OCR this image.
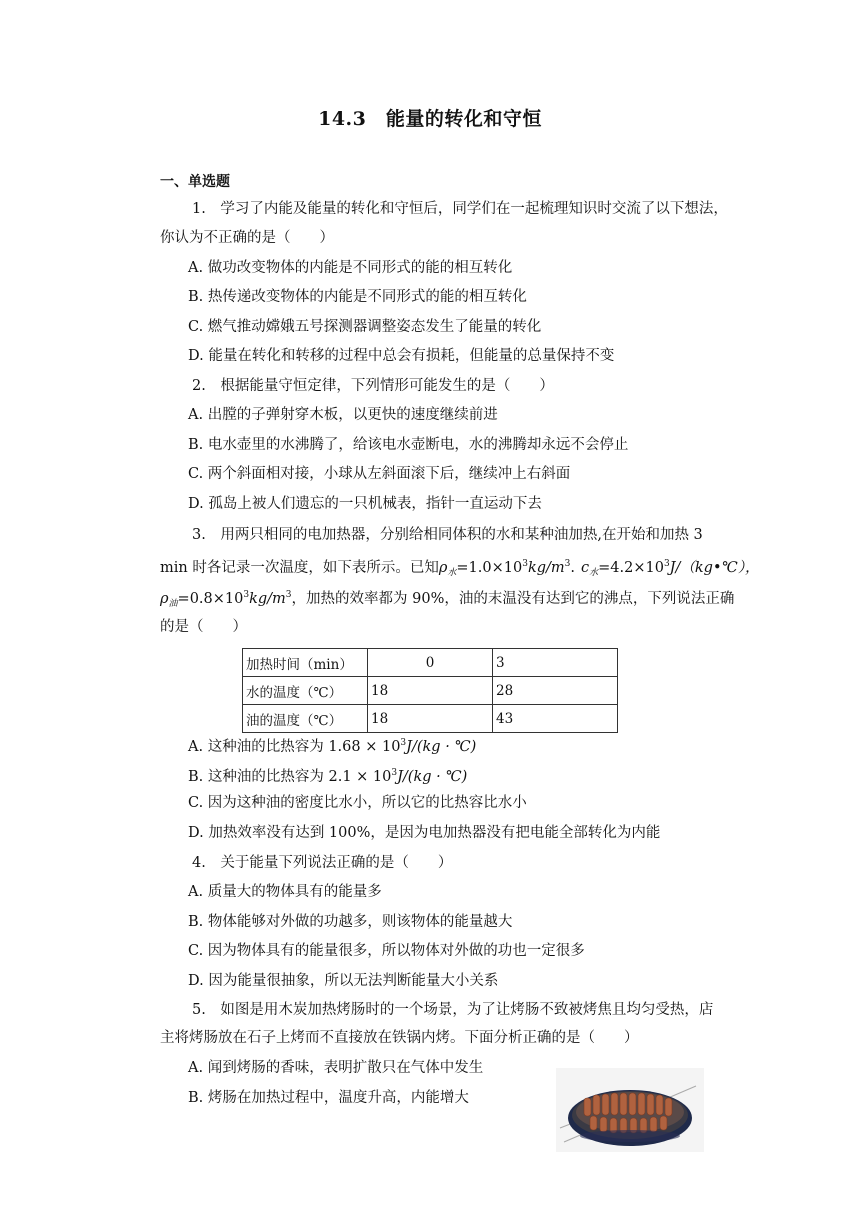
14.3　能量的转化和守恒
一、单选题
1.　学习了内能及能量的转化和守恒后，同学们在一起梳理知识时交流了以下想法，
你认为不正确的是（　　）
A. 做功改变物体的内能是不同形式的能的相互转化
B. 热传递改变物体的内能是不同形式的能的相互转化
C. 燃气推动嫦娥五号探测器调整姿态发生了能量的转化
D. 能量在转化和转移的过程中总会有损耗，但能量的总量保持不变
2.　根据能量守恒定律，下列情形可能发生的是（　　）
A. 出膛的子弹射穿木板，以更快的速度继续前进
B. 电水壶里的水沸腾了，给该电水壶断电，水的沸腾却永远不会停止
C. 两个斜面相对接，小球从左斜面滚下后，继续冲上右斜面
D. 孤岛上被人们遗忘的一只机械表，指针一直运动下去
3.　用两只相同的电加热器，分别给相同体积的水和某种油加热,在开始和加热 3
min 时各记录一次温度，如下表所示。已知$\rho_水=1.0\times 10^3kg/m^3$. $c_水=4.2\times 10^3J/(kg•℃)$，
$\rho_油=0.8\times 10^3kg/m^3$，加热的效率都为 90%，油的末温没有达到它的沸点，下列说法正确
的是（　　）
加热时间（min）	0	3
水的温度（℃）	18	28
油的温度（℃）	18	43
A. 这种油的比热容为 $1.68 \times 10^3J/(kg$ · ℃)
B. 这种油的比热容为 $2.1 \times 10^3J/(kg$ · ℃)
C. 因为这种油的密度比水小，所以它的比热容比水小
D. 加热效率没有达到 100%，是因为电加热器没有把电能全部转化为内能
4.　关于能量下列说法正确的是（　　）
A. 质量大的物体具有的能量多
B. 物体能够对外做的功越多，则该物体的能量越大
C. 因为物体具有的能量很多，所以物体对外做的功也一定很多
D. 因为能量很抽象，所以无法判断能量大小关系
5.　如图是用木炭加热烤肠时的一个场景，为了让烤肠不致被烤焦且均匀受热，店
主将烤肠放在石子上烤而不直接放在铁锅内烤。下面分析正确的是（　　）
A. 闻到烤肠的香味，表明扩散只在气体中发生
B. 烤肠在加热过程中，温度升高，内能增大
